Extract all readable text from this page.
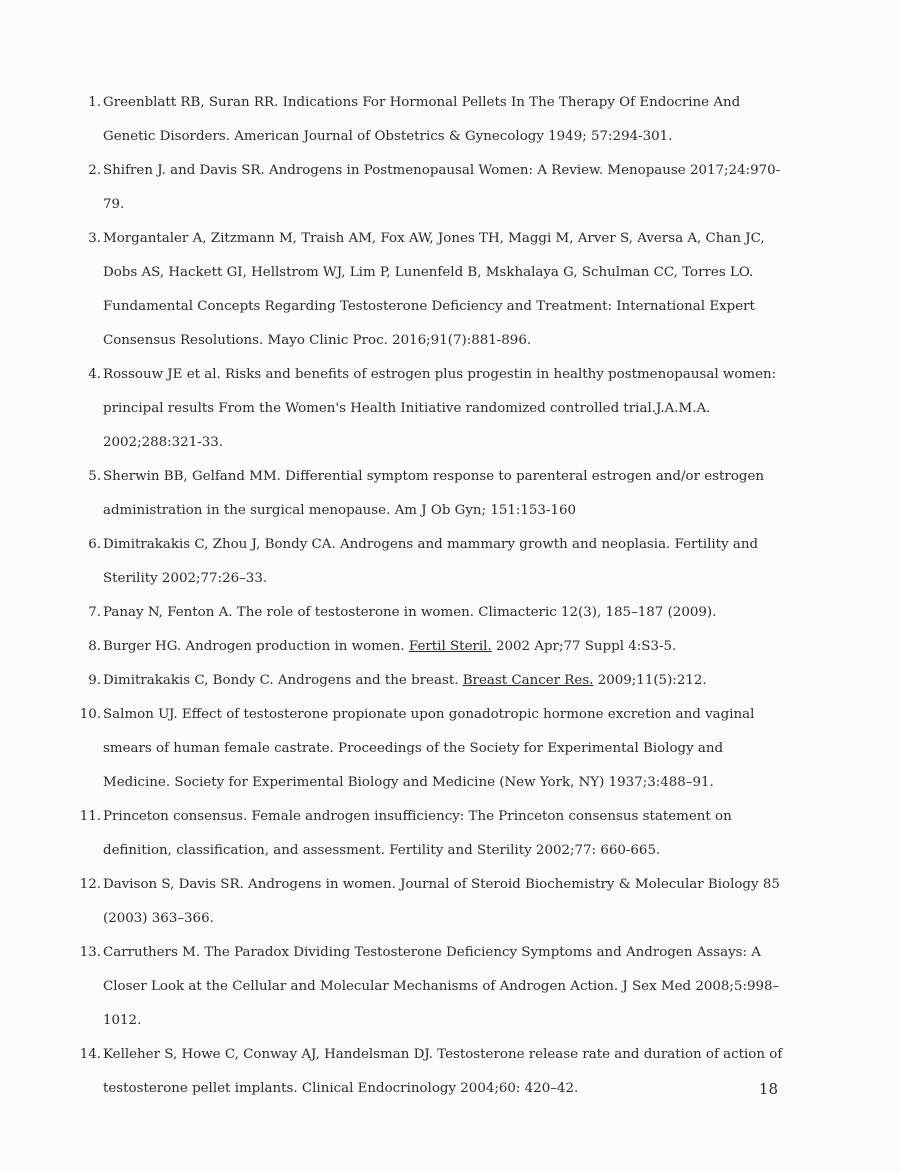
1. Greenblatt RB, Suran RR. Indications For Hormonal Pellets In The Therapy Of Endocrine And Genetic Disorders. American Journal of Obstetrics & Gynecology 1949; 57:294-301.
2. Shifren J. and Davis SR. Androgens in Postmenopausal Women: A Review. Menopause 2017;24:970-79.
3. Morgantaler A, Zitzmann M, Traish AM, Fox AW, Jones TH, Maggi M, Arver S, Aversa A, Chan JC, Dobs AS, Hackett GI, Hellstrom WJ, Lim P, Lunenfeld B, Mskhalaya G, Schulman CC, Torres LO. Fundamental Concepts Regarding Testosterone Deficiency and Treatment: International Expert Consensus Resolutions. Mayo Clinic Proc. 2016;91(7):881-896.
4. Rossouw JE et al. Risks and benefits of estrogen plus progestin in healthy postmenopausal women: principal results From the Women's Health Initiative randomized controlled trial.J.A.M.A. 2002;288:321-33.
5. Sherwin BB, Gelfand MM. Differential symptom response to parenteral estrogen and/or estrogen administration in the surgical menopause. Am J Ob Gyn; 151:153-160
6. Dimitrakakis C, Zhou J, Bondy CA. Androgens and mammary growth and neoplasia. Fertility and Sterility 2002;77:26–33.
7. Panay N, Fenton A. The role of testosterone in women. Climacteric 12(3), 185–187 (2009).
8. Burger HG. Androgen production in women. Fertil Steril. 2002 Apr;77 Suppl 4:S3-5.
9. Dimitrakakis C, Bondy C. Androgens and the breast. Breast Cancer Res. 2009;11(5):212.
10. Salmon UJ. Effect of testosterone propionate upon gonadotropic hormone excretion and vaginal smears of human female castrate. Proceedings of the Society for Experimental Biology and Medicine. Society for Experimental Biology and Medicine (New York, NY) 1937;3:488–91.
11. Princeton consensus. Female androgen insufficiency: The Princeton consensus statement on definition, classification, and assessment. Fertility and Sterility 2002;77: 660-665.
12. Davison S, Davis SR. Androgens in women. Journal of Steroid Biochemistry & Molecular Biology 85 (2003) 363–366.
13. Carruthers M. The Paradox Dividing Testosterone Deficiency Symptoms and Androgen Assays: A Closer Look at the Cellular and Molecular Mechanisms of Androgen Action. J Sex Med 2008;5:998–1012.
14. Kelleher S, Howe C, Conway AJ, Handelsman DJ. Testosterone release rate and duration of action of testosterone pellet implants. Clinical Endocrinology 2004;60: 420–42.	18
